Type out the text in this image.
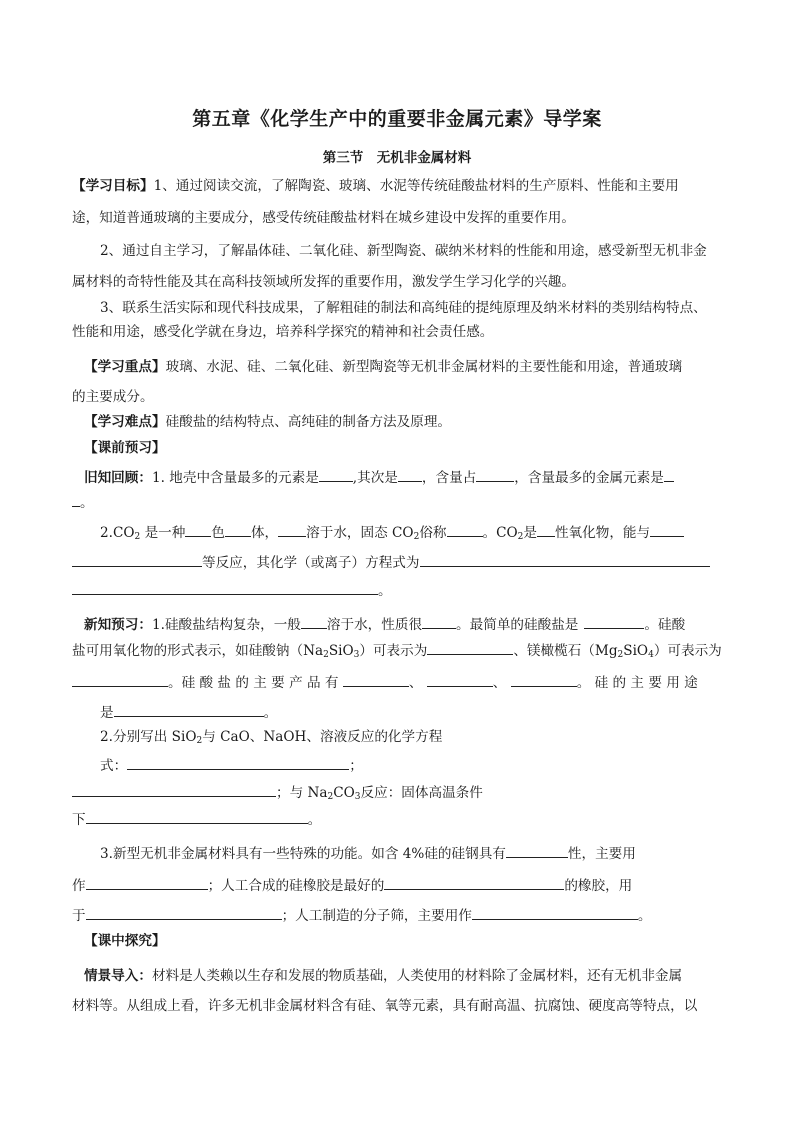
第五章《化学生产中的重要非金属元素》导学案
第三节　无机非金属材料
【学习目标】1、通过阅读交流，了解陶瓷、玻璃、水泥等传统硅酸盐材料的生产原料、性能和主要用
途，知道普通玻璃的主要成分，感受传统硅酸盐材料在城乡建设中发挥的重要作用。
2、通过自主学习，了解晶体硅、二氧化硅、新型陶瓷、碳纳米材料的性能和用途，感受新型无机非金
属材料的奇特性能及其在高科技领域所发挥的重要作用，激发学生学习化学的兴趣。
3、联系生活实际和现代科技成果，了解粗硅的制法和高纯硅的提纯原理及纳米材料的类别结构特点、
性能和用途，感受化学就在身边，培养科学探究的精神和社会责任感。
【学习重点】玻璃、水泥、硅、二氧化硅、新型陶瓷等无机非金属材料的主要性能和用途，普通玻璃
的主要成分。
【学习难点】硅酸盐的结构特点、高纯硅的制备方法及原理。
【课前预习】
旧知回顾：1. 地壳中含量最多的元素是	,其次是 ，含量占	，含量最多的金属元素是
。
$2.CO_2$ 是一种 色 体， 溶于水，固态 $CO_2$俗称	。$CO_2$是 性氧化物，能与
等反应，其化学（或离子）方程式为
。
新知预习：1.硅酸盐结构复杂，一般 溶于水，性质很	。最简单的硅酸盐是	。硅酸
盐可用氧化物的形式表示，如硅酸钠$(Na_2SiO_3)$可表示为	、镁橄榄石$(Mg_2SiO_4)$可表示为
。硅 酸 盐 的 主 要 产 品 有	、	、	。 硅 的 主 要 用 途
是	。
2.分别写出 SiO$_2$与 CaO、NaOH、溶液反应的化学方程
式：	；
；与 $Na_2CO_3$反应：固体高温条件
下	。
3.新型无机非金属材料具有一些特殊的功能。如含 4%硅的硅钢具有	性，主要用
作	；人工合成的硅橡胶是最好的	的橡胶，用
于	；人工制造的分子筛，主要用作	。
【课中探究】
情景导入：材料是人类赖以生存和发展的物质基础，人类使用的材料除了金属材料，还有无机非金属
材料等。从组成上看，许多无机非金属材料含有硅、氧等元素，具有耐高温、抗腐蚀、硬度高等特点，以
